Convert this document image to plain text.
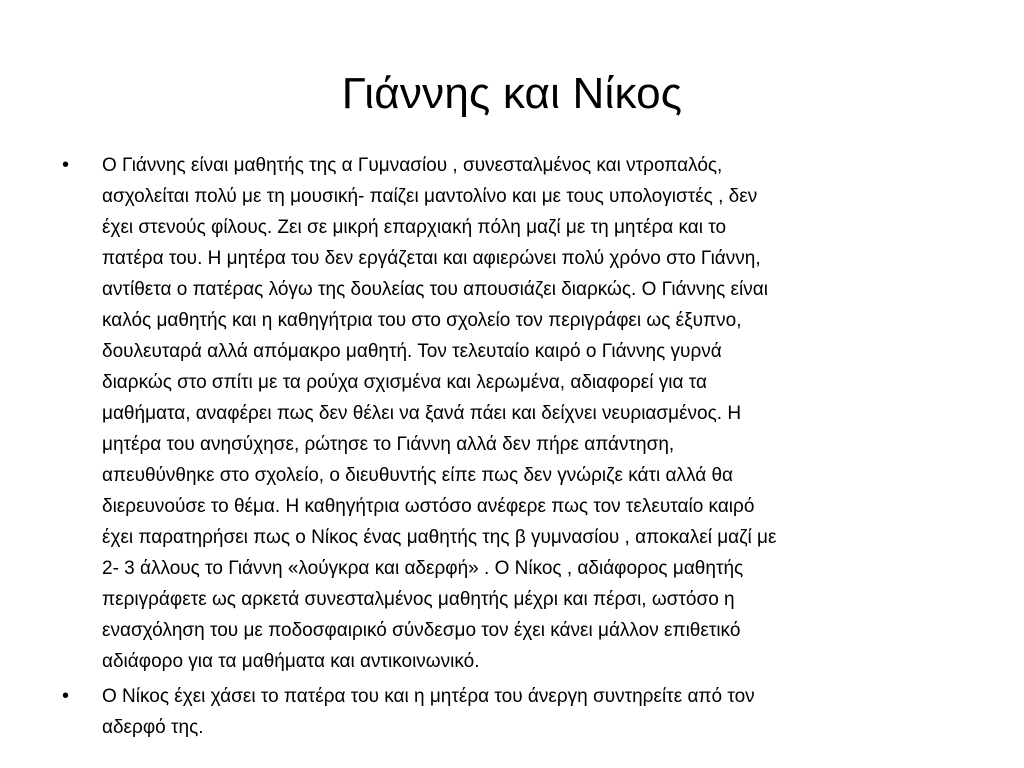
Γιάννης και Νίκος
•	Ο Γιάννης είναι μαθητής της α Γυμνασίου , συνεσταλμένος και ντροπαλός,
ασχολείται πολύ με τη μουσική- παίζει μαντολίνο και με τους υπολογιστές , δεν
έχει στενούς φίλους. Ζει σε μικρή επαρχιακή πόλη μαζί με τη μητέρα και το
πατέρα του. Η μητέρα του δεν εργάζεται και αφιερώνει πολύ χρόνο στο Γιάννη,
αντίθετα ο πατέρας λόγω της δουλείας του απουσιάζει διαρκώς. Ο Γιάννης είναι
καλός μαθητής και η καθηγήτρια του στο σχολείο τον περιγράφει ως έξυπνο,
δουλευταρά αλλά απόμακρο μαθητή. Τον τελευταίο καιρό ο Γιάννης γυρνά
διαρκώς στο σπίτι με τα ρούχα σχισμένα και λερωμένα, αδιαφορεί για τα
μαθήματα, αναφέρει πως δεν θέλει να ξανά πάει και δείχνει νευριασμένος. Η
μητέρα του ανησύχησε, ρώτησε το Γιάννη αλλά δεν πήρε απάντηση,
απευθύνθηκε στο σχολείο, ο διευθυντής είπε πως δεν γνώριζε κάτι αλλά θα
διερευνούσε το θέμα. Η καθηγήτρια ωστόσο ανέφερε πως τον τελευταίο καιρό
έχει παρατηρήσει πως ο Νίκος ένας μαθητής της β γυμνασίου , αποκαλεί μαζί με
2- 3 άλλους το Γιάννη «λούγκρα και αδερφή» . Ο Νίκος , αδιάφορος μαθητής
περιγράφετε ως αρκετά συνεσταλμένος μαθητής μέχρι και πέρσι, ωστόσο η
ενασχόληση του με ποδοσφαιρικό σύνδεσμο τον έχει κάνει μάλλον επιθετικό
αδιάφορο για τα μαθήματα και αντικοινωνικό.
•	Ο Νίκος έχει χάσει το πατέρα του και η μητέρα του άνεργη συντηρείτε από τον
αδερφό της.
